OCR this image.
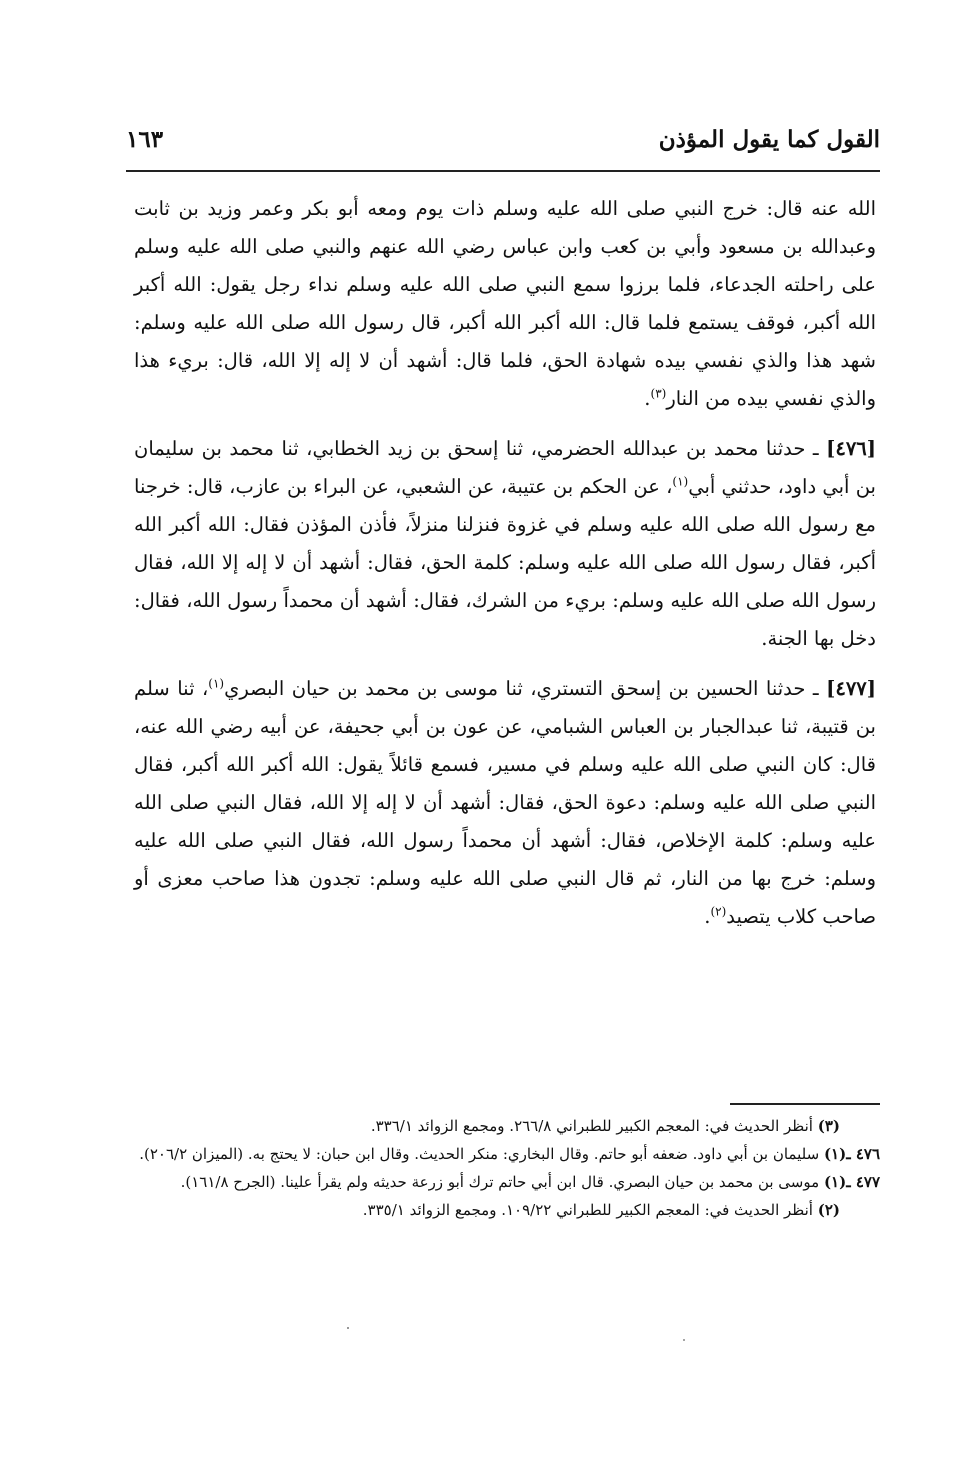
القول كما يقول المؤذن
١٦٣

الله عنه قال: خرج النبي صلى الله عليه وسلم ذات يوم ومعه أبو بكر وعمر وزيد بن ثابت وعبدالله بن مسعود وأبي بن كعب وابن عباس رضي الله عنهم والنبي صلى الله عليه وسلم على راحلته الجدعاء، فلما برزوا سمع النبي صلى الله عليه وسلم نداء رجل يقول: الله أكبر الله أكبر، فوقف يستمع فلما قال: الله أكبر الله أكبر، قال رسول الله صلى الله عليه وسلم: شهد هذا والذي نفسي بيده شهادة الحق، فلما قال: أشهد أن لا إله إلا الله، قال: بريء هذا والذي نفسي بيده من النار$^{(٣)}$.

[٤٧٦] ـ حدثنا محمد بن عبدالله الحضرمي، ثنا إسحق بن زيد الخطابي، ثنا محمد بن سليمان بن أبي داود، حدثني أبي$^{(١)}$، عن الحكم بن عتيبة، عن الشعبي، عن البراء بن عازب، قال: خرجنا مع رسول الله صلى الله عليه وسلم في غزوة فنزلنا منزلاً، فأذن المؤذن فقال: الله أكبر الله أكبر، فقال رسول الله صلى الله عليه وسلم: كلمة الحق، فقال: أشهد أن لا إله إلا الله، فقال رسول الله صلى الله عليه وسلم: بريء من الشرك، فقال: أشهد أن محمداً رسول الله، فقال: دخل بها الجنة.

[٤٧٧] ـ حدثنا الحسين بن إسحق التستري، ثنا موسى بن محمد بن حيان البصري$^{(١)}$، ثنا سلم بن قتيبة، ثنا عبدالجبار بن العباس الشبامي، عن عون بن أبي جحيفة، عن أبيه رضي الله عنه، قال: كان النبي صلى الله عليه وسلم في مسير، فسمع قائلاً يقول: الله أكبر الله أكبر، فقال النبي صلى الله عليه وسلم: دعوة الحق، فقال: أشهد أن لا إله إلا الله، فقال النبي صلى الله عليه وسلم: كلمة الإخلاص، فقال: أشهد أن محمداً رسول الله، فقال النبي صلى الله عليه وسلم: خرج بها من النار، ثم قال النبي صلى الله عليه وسلم: تجدون هذا صاحب معزى أو صاحب كلاب يتصيد$^{(٢)}$.

(٣) أنظر الحديث في: المعجم الكبير للطبراني ٢٦٦/٨. ومجمع الزوائد ٣٣٦/١.

٤٧٦ ـ(١) سليمان بن أبي داود. ضعفه أبو حاتم. وقال البخاري: منكر الحديث. وقال ابن حبان: لا يحتج به. (الميزان ٢٠٦/٢).

٤٧٧ ـ(١) موسى بن محمد بن حيان البصري. قال ابن أبي حاتم ترك أبو زرعة حديثه ولم يقرأ علينا. (الجرح ١٦١/٨).

(٢) أنظر الحديث في: المعجم الكبير للطبراني ١٠٩/٢٢. ومجمع الزوائد ٣٣٥/١.
